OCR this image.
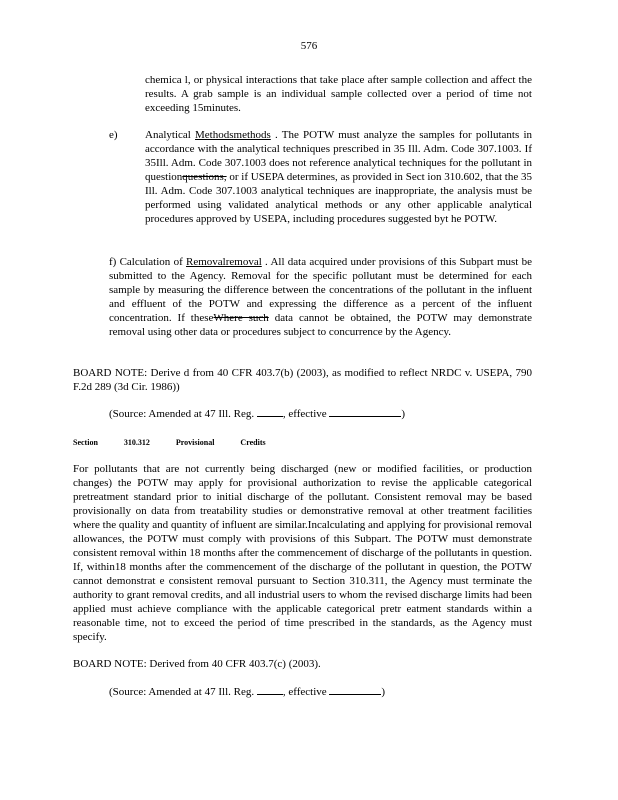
576

chemica l, or physical interactions that take place after sample collection and affect the results. A grab sample is an individual sample collected over a period of time not exceeding 15minutes.

e) Analytical Methodsmethods . The POTW must analyze the samples for pollutants in accordance with the analytical techniques prescribed in 35 Ill. Adm. Code 307.1003. If 35Ill. Adm. Code 307.1003 does not reference analytical techniques for the pollutant in questionquestions, or if USEPA determines, as provided in Sect ion 310.602, that the 35 Ill. Adm. Code 307.1003 analytical techniques are inappropriate, the analysis must be performed using validated analytical methods or any other applicable analytical procedures approved by USEPA, including procedures suggested byt he POTW.

f) Calculation of Removalremoval . All data acquired under provisions of this Subpart must be submitted to the Agency. Removal for the specific pollutant must be determined for each sample by measuring the difference between the concentrations of the pollutant in the influent and effluent of the POTW and expressing the difference as a percent of the influent concentration. If theseWhere such data cannot be obtained, the POTW may demonstrate removal using other data or procedures subject to concurrence by the Agency.

BOARD NOTE: Derive d from 40 CFR 403.7(b) (2003), as modified to reflect NRDC v. USEPA, 790 F.2d 289 (3d Cir. 1986))

(Source: Amended at 47 Ill. Reg.	, effective	)

Section	310.312	Provisional	Credits

For pollutants that are not currently being discharged (new or modified facilities, or production changes) the POTW may apply for provisional authorization to revise the applicable categorical pretreatment standard prior to initial discharge of the pollutant. Consistent removal may be based provisionally on data from treatability studies or demonstrative removal at other treatment facilities where the quality and quantity of influent are similar.Incalculating and applying for provisional removal allowances, the POTW must comply with provisions of this Subpart. The POTW must demonstrate consistent removal within 18 months after the commencement of discharge of the pollutants in question. If, within18 months after the commencement of the discharge of the pollutant in question, the POTW cannot demonstrat e consistent removal pursuant to Section 310.311, the Agency must terminate the authority to grant removal credits, and all industrial users to whom the revised discharge limits had been applied must achieve compliance with the applicable categorical pretr eatment standards within a reasonable time, not to exceed the period of time prescribed in the standards, as the Agency must specify.

BOARD NOTE: Derived from 40 CFR 403.7(c) (2003).

(Source: Amended at 47 Ill. Reg.	, effective	)
